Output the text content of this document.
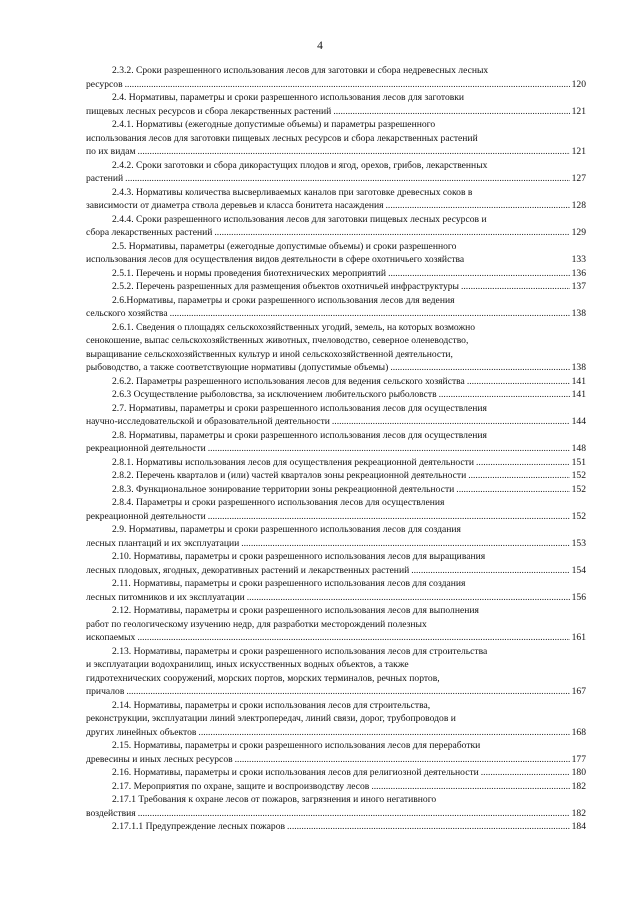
4
2.3.2. Сроки разрешенного использования лесов для заготовки и сбора недревесных лесных
ресурсов .....	120
2.4. Нормативы, параметры и сроки разрешенного использования лесов для заготовки
пищевых лесных ресурсов и сбора лекарственных растений .....	121
2.4.1. Нормативы (ежегодные допустимые объемы) и параметры разрешенного
использования лесов для заготовки пищевых лесных ресурсов и сбора лекарственных растений
по их видам .....	121
2.4.2. Сроки заготовки и сбора дикорастущих плодов и ягод, орехов, грибов, лекарственных
растений .....	127
2.4.3. Нормативы количества высверливаемых каналов при заготовке древесных соков в
зависимости от диаметра ствола деревьев и класса бонитета насаждения .....	128
2.4.4. Сроки разрешенного использования лесов для заготовки пищевых лесных ресурсов и
сбора лекарственных растений .....	129
2.5. Нормативы, параметры (ежегодные допустимые объемы) и сроки разрешенного
использования лесов для осуществления видов деятельности в сфере охотничьего хозяйства	133
2.5.1. Перечень и нормы проведения биотехнических мероприятий .....	136
2.5.2. Перечень разрешенных для размещения объектов охотничьей инфраструктуры .....	137
2.6.Нормативы, параметры и сроки разрешенного использования лесов для ведения
сельского хозяйства .....	138
2.6.1. Сведения о площадях сельскохозяйственных угодий, земель, на которых возможно
сенокошение, выпас сельскохозяйственных животных, пчеловодство, северное оленеводство,
выращивание сельскохозяйственных культур и иной сельскохозяйственной деятельности,
рыбоводство, а также соответствующие нормативы (допустимые объемы) .....	138
2.6.2. Параметры разрешенного использования лесов для ведения сельского хозяйства .....	141
2.6.3 Осуществление рыболовства, за исключением любительского рыболовств .....	141
2.7. Нормативы, параметры и сроки разрешенного использования лесов для осуществления
научно-исследовательской и образовательной деятельности .....	144
2.8. Нормативы, параметры и сроки разрешенного использования лесов для осуществления
рекреационной деятельности .....	148
2.8.1. Нормативы использования лесов для осуществления рекреационной деятельности .....	151
2.8.2. Перечень кварталов и (или) частей кварталов зоны рекреационной деятельности .....	152
2.8.3. Функциональное зонирование территории зоны рекреационной деятельности .....	152
2.8.4. Параметры и сроки разрешенного использования лесов для осуществления
рекреационной деятельности .....	152
2.9. Нормативы, параметры и сроки разрешенного использования лесов для создания
лесных плантаций и их эксплуатации .....	153
2.10. Нормативы, параметры и сроки разрешенного использования лесов для выращивания
лесных плодовых, ягодных, декоративных растений и лекарственных растений .....	154
2.11. Нормативы, параметры и сроки разрешенного использования лесов для создания
лесных питомников и их эксплуатации .....	156
2.12. Нормативы, параметры и сроки разрешенного использования лесов для выполнения
работ по геологическому изучению недр, для разработки месторождений полезных
ископаемых .....	161
2.13. Нормативы, параметры и сроки разрешенного использования лесов для строительства
и эксплуатации водохранилищ, иных искусственных водных объектов, а также
гидротехнических сооружений, морских портов, морских терминалов, речных портов,
причалов .....	167
2.14. Нормативы, параметры и сроки использования лесов для строительства,
реконструкции, эксплуатации линий электропередач, линий связи, дорог, трубопроводов и
других линейных объектов .....	168
2.15. Нормативы, параметры и сроки разрешенного использования лесов для переработки
древесины и иных лесных ресурсов .....	177
2.16. Нормативы, параметры и сроки использования лесов для религиозной деятельности .....	180
2.17. Мероприятия по охране, защите и воспроизводству лесов .....	182
2.17.1 Требования к охране лесов от пожаров, загрязнения и иного негативного
воздействия .....	182
2.17.1.1 Предупреждение лесных пожаров .....	184
